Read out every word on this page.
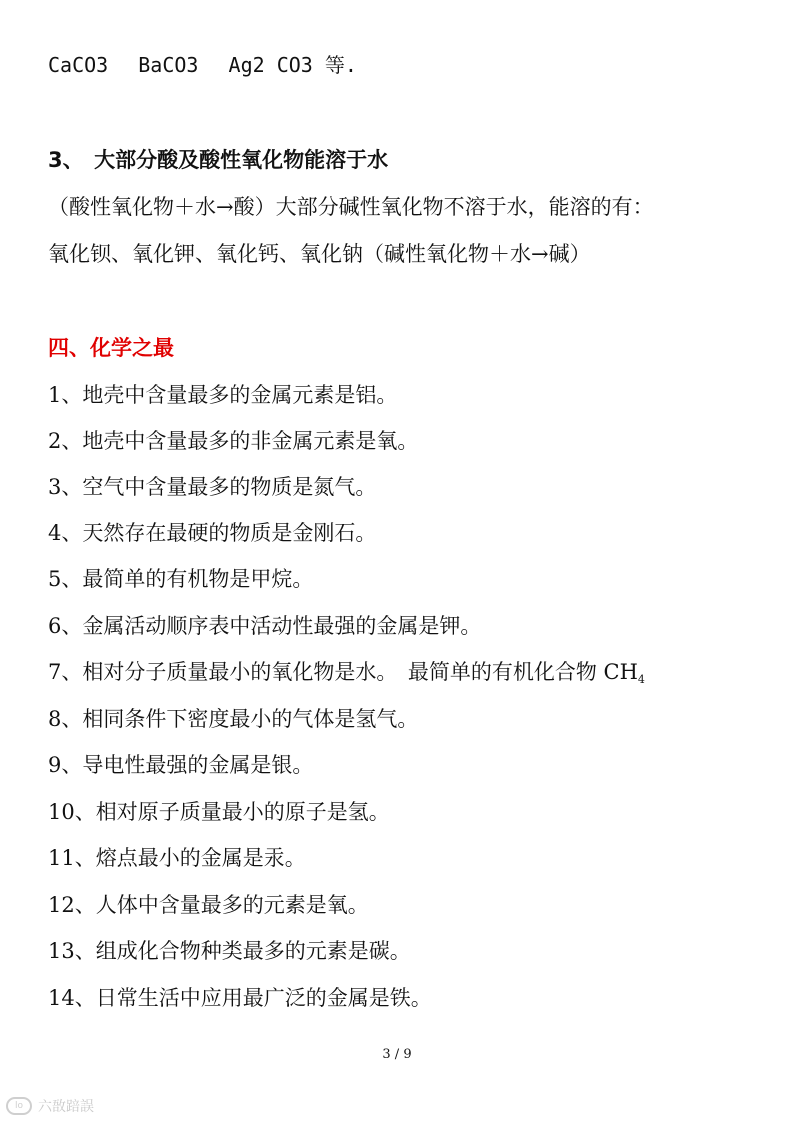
CaCO3 BaCO3 Ag2 CO3 等.
3、　大部分酸及酸性氧化物能溶于水
（酸性氧化物＋水→酸）大部分碱性氧化物不溶于水，能溶的有：
氧化钡、氧化钾、氧化钙、氧化钠（碱性氧化物＋水→碱）
四、化学之最
1、地壳中含量最多的金属元素是铝。
2、地壳中含量最多的非金属元素是氧。
3、空气中含量最多的物质是氮气。
4、天然存在最硬的物质是金刚石。
5、最简单的有机物是甲烷。
6、金属活动顺序表中活动性最强的金属是钾。
7、相对分子质量最小的氧化物是水。　最简单的有机化合物 $CH_4$
8、相同条件下密度最小的气体是氢气。
9、导电性最强的金属是银。
10、相对原子质量最小的原子是氢。
11、熔点最小的金属是汞。
12、人体中含量最多的元素是氧。
13、组成化合物种类最多的元素是碳。
14、日常生活中应用最广泛的金属是铁。
3 / 9
lo	六敔踣誤
